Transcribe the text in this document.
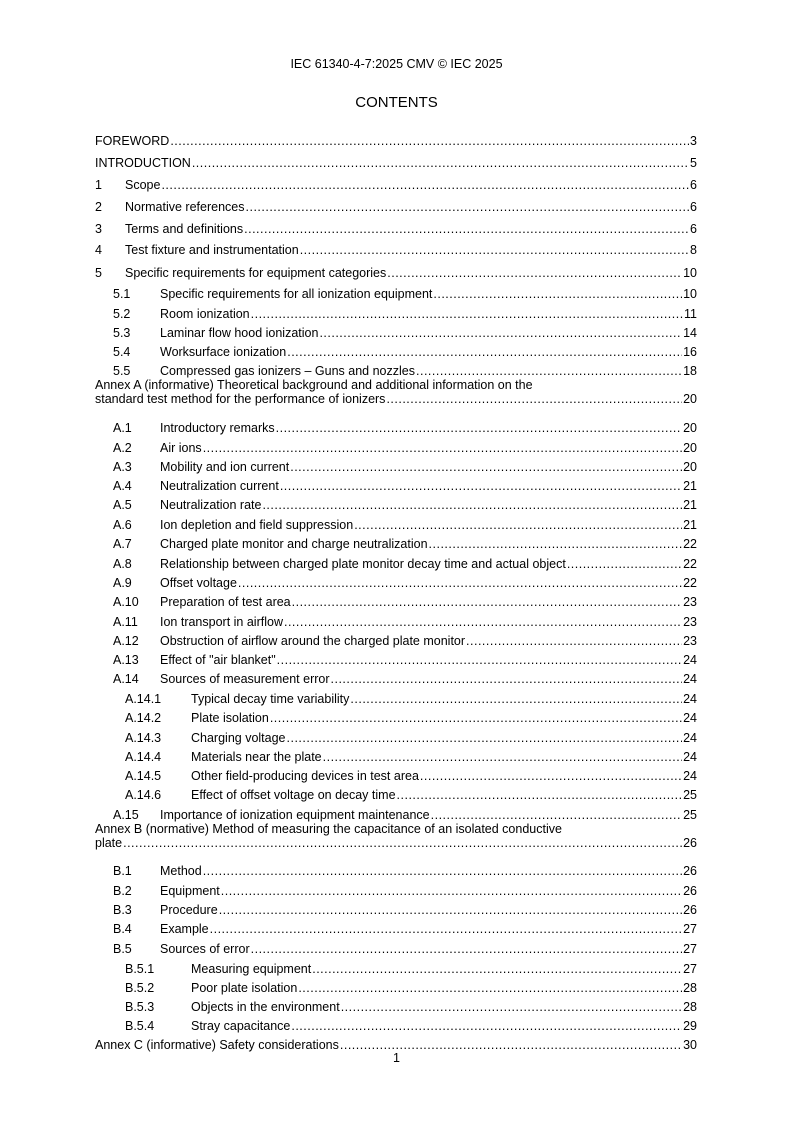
IEC 61340-4-7:2025 CMV © IEC 2025
CONTENTS
FOREWORD .....	3
INTRODUCTION .....	5
1 Scope .....	6
2 Normative references .....	6
3 Terms and definitions .....	6
4 Test fixture and instrumentation .....	8
5 Specific requirements for equipment categories .....	10
5.1 Specific requirements for all ionization equipment .....	10
5.2 Room ionization .....	11
5.3 Laminar flow hood ionization .....	14
5.4 Worksurface ionization .....	16
5.5 Compressed gas ionizers – Guns and nozzles .....	18
Annex A (informative) Theoretical background and additional information on the
standard test method for the performance of ionizers .....	20
A.1 Introductory remarks .....	20
A.2 Air ions .....	20
A.3 Mobility and ion current .....	20
A.4 Neutralization current .....	21
A.5 Neutralization rate .....	21
A.6 Ion depletion and field suppression .....	21
A.7 Charged plate monitor and charge neutralization .....	22
A.8 Relationship between charged plate monitor decay time and actual object .....	22
A.9 Offset voltage .....	22
A.10 Preparation of test area .....	23
A.11 Ion transport in airflow .....	23
A.12 Obstruction of airflow around the charged plate monitor .....	23
A.13 Effect of "air blanket" .....	24
A.14 Sources of measurement error .....	24
A.14.1 Typical decay time variability .....	24
A.14.2 Plate isolation .....	24
A.14.3 Charging voltage .....	24
A.14.4 Materials near the plate .....	24
A.14.5 Other field-producing devices in test area .....	24
A.14.6 Effect of offset voltage on decay time .....	25
A.15 Importance of ionization equipment maintenance .....	25
Annex B (normative) Method of measuring the capacitance of an isolated conductive
plate .....	26
B.1 Method .....	26
B.2 Equipment .....	26
B.3 Procedure .....	26
B.4 Example .....	27
B.5 Sources of error .....	27
B.5.1	Measuring equipment .....	27
B.5.2	Poor plate isolation .....	28
B.5.3	Objects in the environment .....	28
B.5.4	Stray capacitance .....	29
Annex C (informative) Safety considerations .....	30
1
